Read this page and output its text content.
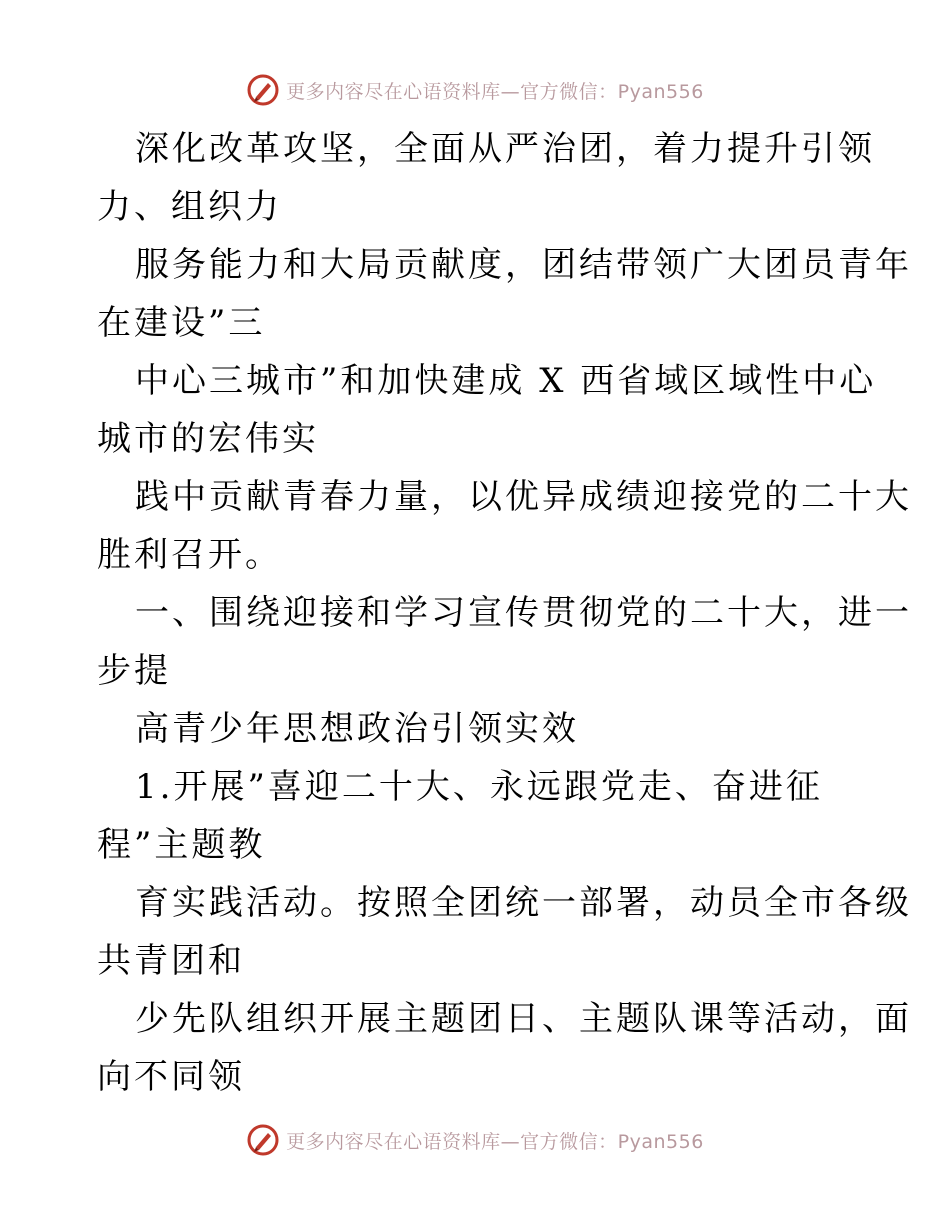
更多内容尽在心语资料库—官方微信：Pyan556
深化改革攻坚，全面从严治团，着力提升引领
力、组织力
服务能力和大局贡献度，团结带领广大团员青年
在建设”三
中心三城市”和加快建成 X 西省域区域性中心
城市的宏伟实
践中贡献青春力量，以优异成绩迎接党的二十大
胜利召开。
一、围绕迎接和学习宣传贯彻党的二十大，进一
步提
高青少年思想政治引领实效
1.开展”喜迎二十大、永远跟党走、奋进征
程”主题教
育实践活动。按照全团统一部署，动员全市各级
共青团和
少先队组织开展主题团日、主题队课等活动，面
向不同领
更多内容尽在心语资料库—官方微信：Pyan556
